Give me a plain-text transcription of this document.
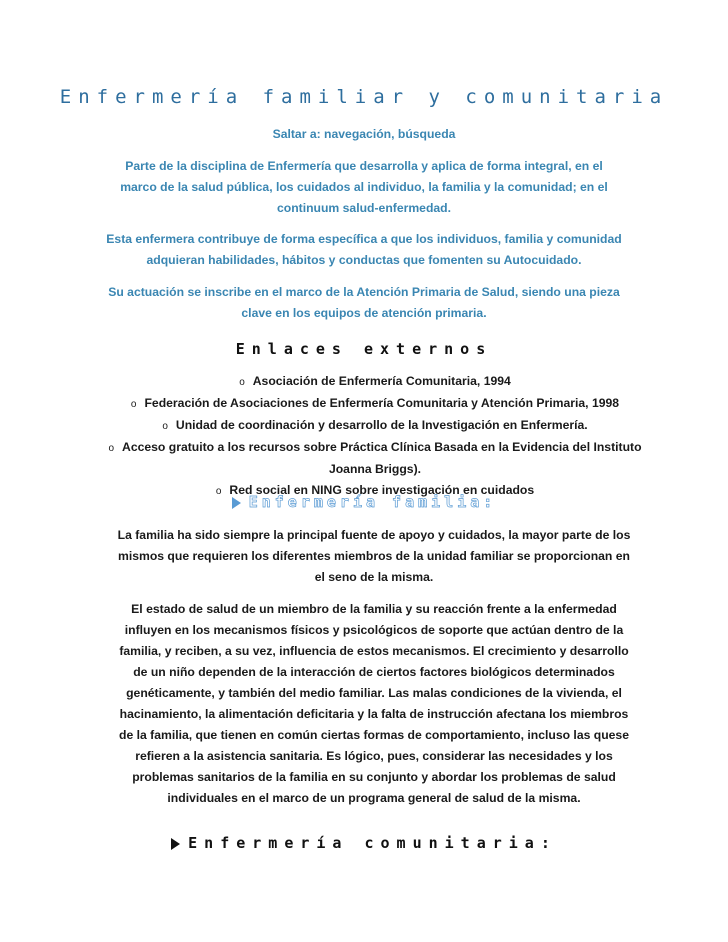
Enfermería familiar y comunitaria
Saltar a: navegación, búsqueda
Parte de la disciplina de Enfermería que desarrolla y aplica de forma integral, en el marco de la salud pública, los cuidados al individuo, la familia y la comunidad; en el continuum salud-enfermedad.
Esta enfermera contribuye de forma específica a que los individuos, familia y comunidad adquieran habilidades, hábitos y conductas que fomenten su Autocuidado.
Su actuación se inscribe en el marco de la Atención Primaria de Salud, siendo una pieza clave en los equipos de atención primaria.
Enlaces externos
o Asociación de Enfermería Comunitaria, 1994
o Federación de Asociaciones de Enfermería Comunitaria y Atención Primaria, 1998
o Unidad de coordinación y desarrollo de la Investigación en Enfermería.
o Acceso gratuito a los recursos sobre Práctica Clínica Basada en la Evidencia del Instituto Joanna Briggs).
o Red social en NING sobre investigación en cuidados
Enfermería familia:
La familia ha sido siempre la principal fuente de apoyo y cuidados, la mayor parte de los mismos que requieren los diferentes miembros de la unidad familiar se proporcionan en el seno de la misma.
El estado de salud de un miembro de la familia y su reacción frente a la enfermedad influyen en los mecanismos físicos y psicológicos de soporte que actúan dentro de la familia, y reciben, a su vez, influencia de estos mecanismos. El crecimiento y desarrollo de un niño dependen de la interacción de ciertos factores biológicos determinados genéticamente, y también del medio familiar. Las malas condiciones de la vivienda, el hacinamiento, la alimentación deficitaria y la falta de instrucción afectana los miembros de la familia, que tienen en común ciertas formas de comportamiento, incluso las quese refieren a la asistencia sanitaria. Es lógico, pues, considerar las necesidades y los problemas sanitarios de la familia en su conjunto y abordar los problemas de salud individuales en el marco de un programa general de salud de la misma.
Enfermería comunitaria:
